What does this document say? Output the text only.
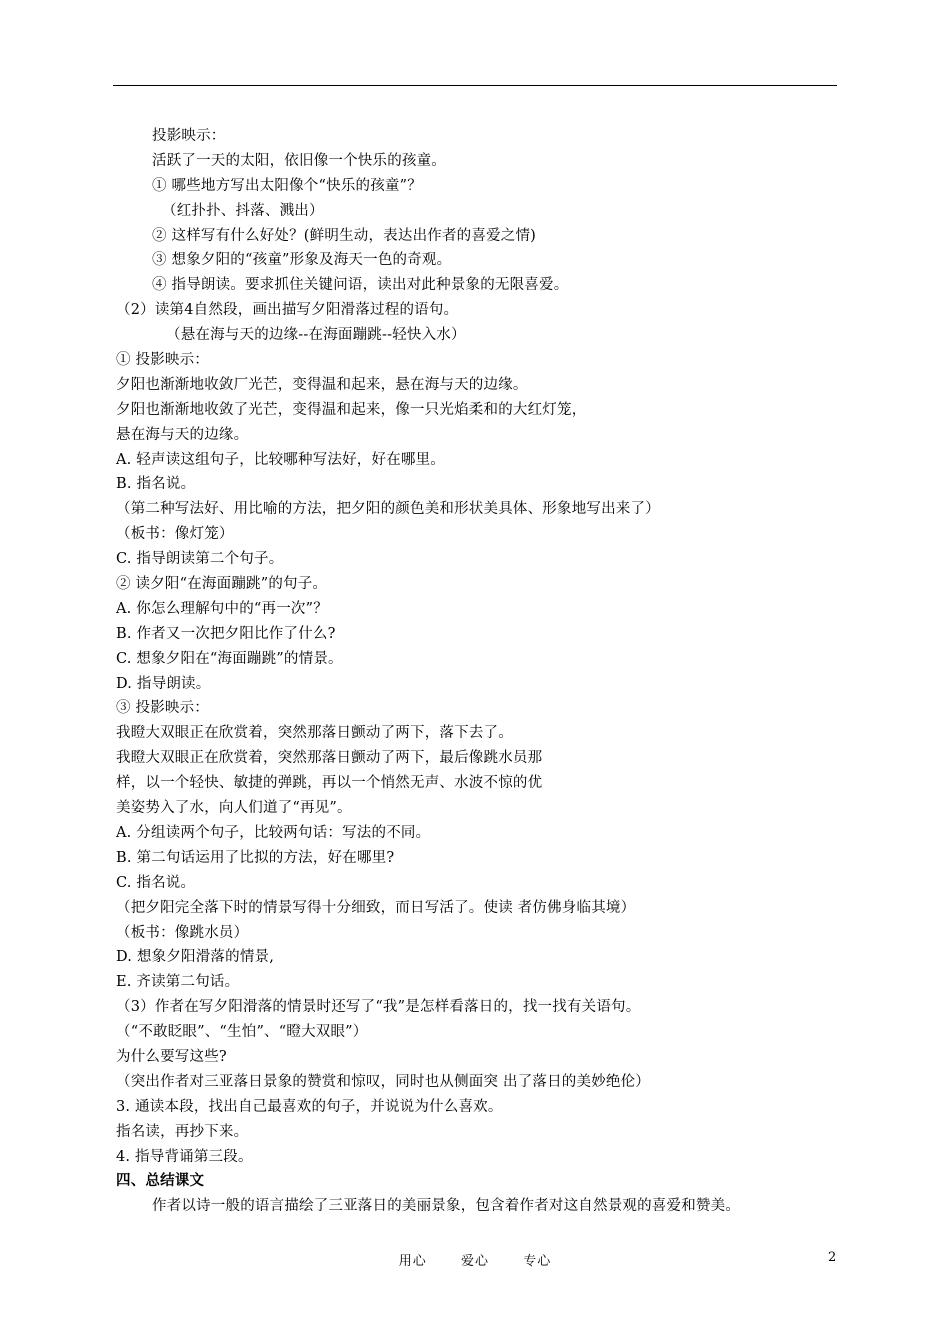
投影映示：
活跃了一天的太阳，依旧像一个快乐的孩童。
① 哪些地方写出太阳像个“快乐的孩童”？
（红扑扑、抖落、溅出）
② 这样写有什么好处？(鲜明生动，表达出作者的喜爱之情)
③ 想象夕阳的“孩童”形象及海天一色的奇观。
④ 指导朗读。要求抓住关键问语，读出对此种景象的无限喜爱。
（2）读第4自然段，画出描写夕阳滑落过程的语句。
（悬在海与天的边缘--在海面蹦跳--轻快入水）
① 投影映示：
夕阳也渐渐地收敛厂光芒，变得温和起来，悬在海与天的边缘。
夕阳也渐渐地收敛了光芒，变得温和起来，像一只光焰柔和的大红灯笼，
悬在海与天的边缘。
A. 轻声读这组句子，比较哪种写法好，好在哪里。
B. 指名说。
（第二种写法好、用比喻的方法，把夕阳的颜色美和形状美具体、形象地写出来了）
（板书：像灯笼）
C. 指导朗读第二个句子。
② 读夕阳“在海面蹦跳”的句子。
A. 你怎么理解句中的“再一次”？
B. 作者又一次把夕阳比作了什么?
C. 想象夕阳在“海面蹦跳”的情景。
D. 指导朗读。
③ 投影映示：
我瞪大双眼正在欣赏着，突然那落日颤动了两下，落下去了。
我瞪大双眼正在欣赏着，突然那落日颤动了两下，最后像跳水员那
样，以一个轻快、敏捷的弹跳，再以一个悄然无声、水波不惊的优
美姿势入了水，向人们道了“再见”。
A. 分组读两个句子，比较两句话：写法的不同。
B. 第二句话运用了比拟的方法，好在哪里?
C. 指名说。
（把夕阳完全落下时的情景写得十分细致，而日写活了。使读 者仿佛身临其境）
（板书：像跳水员）
D. 想象夕阳滑落的情景,
E. 齐读第二句话。
（3）作者在写夕阳滑落的情景时还写了“我”是怎样看落日的，找一找有关语句。
（“不敢眨眼”、“生怕”、“瞪大双眼”）
为什么要写这些?
（突出作者对三亚落日景象的赞赏和惊叹，同时也从侧面突 出了落日的美妙绝伦）
3. 通读本段，找出自己最喜欢的句子，并说说为什么喜欢。
指名读，再抄下来。
4. 指导背诵第三段。
四、总结课文
作者以诗一般的语言描绘了三亚落日的美丽景象，包含着作者对这自然景观的喜爱和赞美。
用心  爱心  专心	2
